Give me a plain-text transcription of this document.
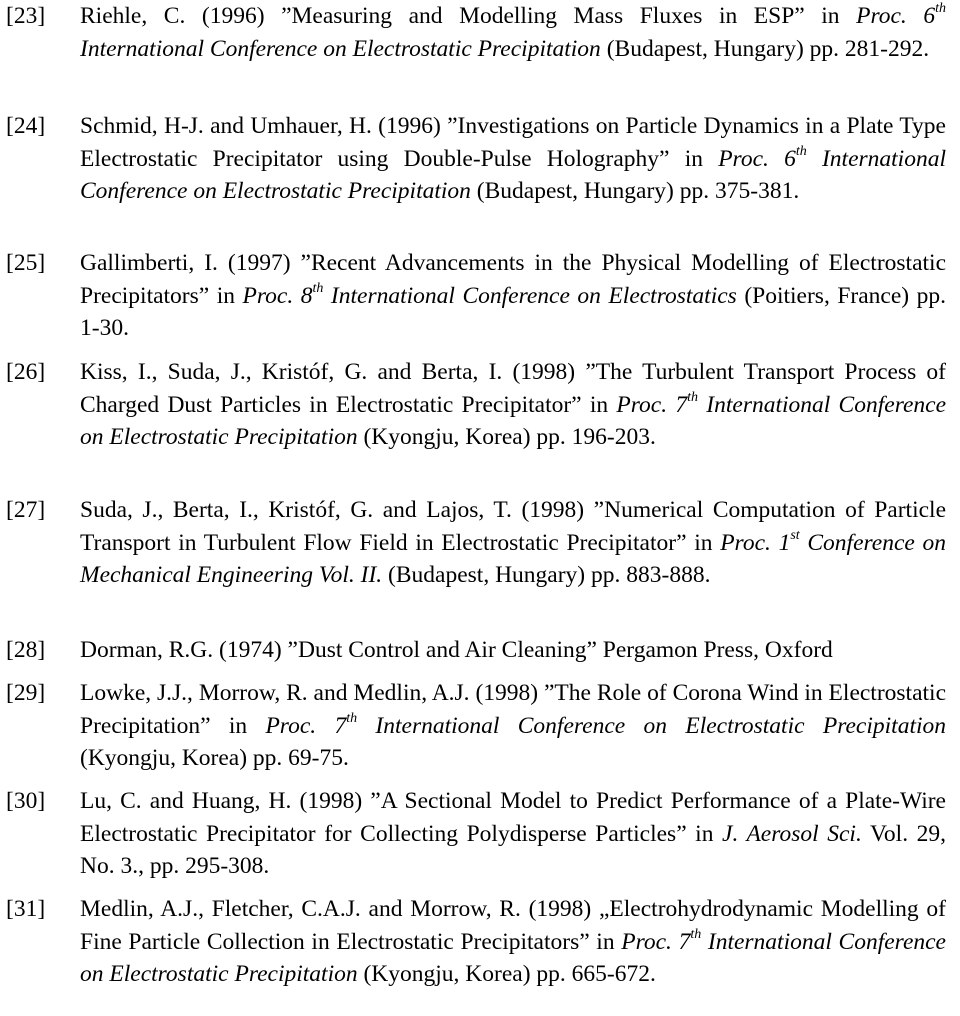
[23]	Riehle, C. (1996) ”Measuring and Modelling Mass Fluxes in ESP” in Proc. 6th International Conference on Electrostatic Precipitation (Budapest, Hungary) pp. 281-292.
[24]	Schmid, H-J. and Umhauer, H. (1996) ”Investigations on Particle Dynamics in a Plate Type Electrostatic Precipitator using Double-Pulse Holography” in Proc. 6th International Conference on Electrostatic Precipitation (Budapest, Hungary) pp. 375-381.
[25]	Gallimberti, I. (1997) ”Recent Advancements in the Physical Modelling of Electrostatic Precipitators” in Proc. 8th International Conference on Electrostatics (Poitiers, France) pp. 1-30.
[26]	Kiss, I., Suda, J., Kristóf, G. and Berta, I. (1998) ”The Turbulent Transport Process of Charged Dust Particles in Electrostatic Precipitator” in Proc. 7th International Conference on Electrostatic Precipitation (Kyongju, Korea) pp. 196-203.
[27]	Suda, J., Berta, I., Kristóf, G. and Lajos, T. (1998) ”Numerical Computation of Particle Transport in Turbulent Flow Field in Electrostatic Precipitator” in Proc. 1st Conference on Mechanical Engineering Vol. II. (Budapest, Hungary) pp. 883-888.
[28]	Dorman, R.G. (1974) ”Dust Control and Air Cleaning” Pergamon Press, Oxford
[29]	Lowke, J.J., Morrow, R. and Medlin, A.J. (1998) ”The Role of Corona Wind in Electrostatic Precipitation” in Proc. 7th International Conference on Electrostatic Precipitation (Kyongju, Korea) pp. 69-75.
[30]	Lu, C. and Huang, H. (1998) ”A Sectional Model to Predict Performance of a Plate-Wire Electrostatic Precipitator for Collecting Polydisperse Particles” in J. Aerosol Sci. Vol. 29, No. 3., pp. 295-308.
[31]	Medlin, A.J., Fletcher, C.A.J. and Morrow, R. (1998) „Electrohydrodynamic Modelling of Fine Particle Collection in Electrostatic Precipitators” in Proc. 7th International Conference on Electrostatic Precipitation (Kyongju, Korea) pp. 665-672.
